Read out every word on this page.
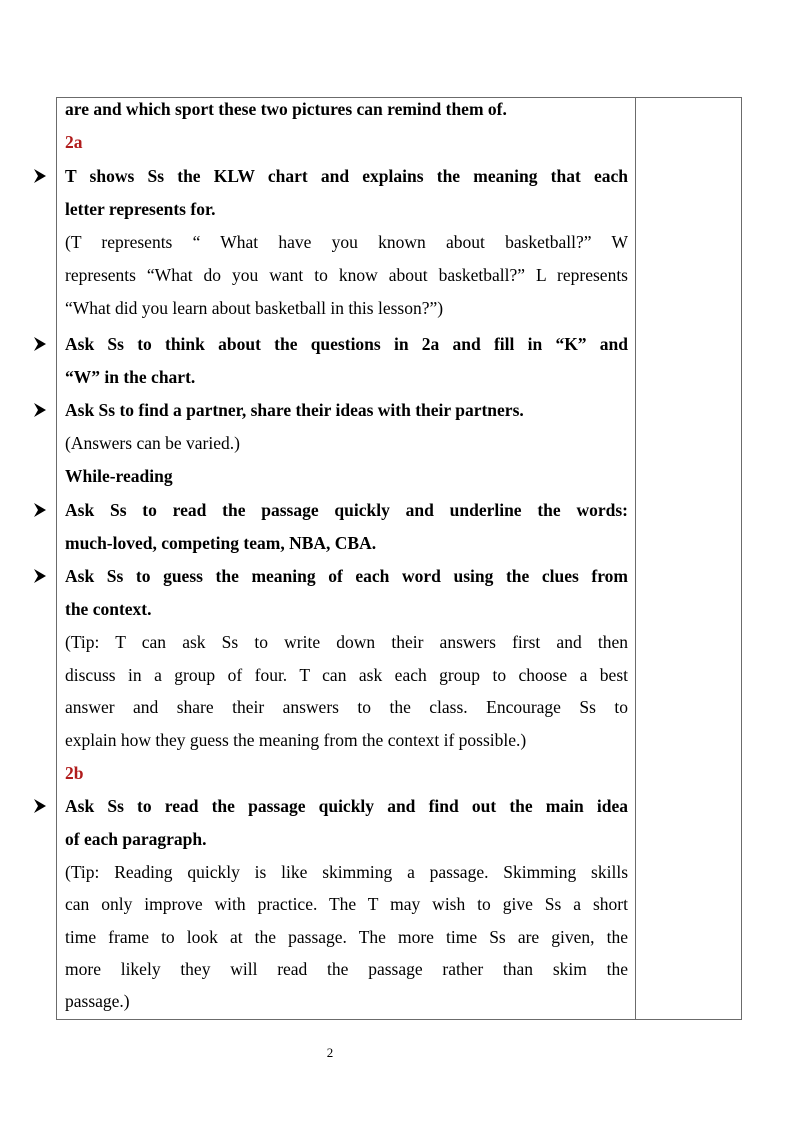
are and which sport these two pictures can remind them of.
2a
T shows Ss the KLW chart and explains the meaning that each
letter represents for.
(T represents “ What have you known about basketball?” W
represents “What do you want to know about basketball?” L represents
“What did you learn about basketball in this lesson?”)
Ask Ss to think about the questions in 2a and fill in “K” and
“W” in the chart.
Ask Ss to find a partner, share their ideas with their partners.
(Answers can be varied.)
While-reading
Ask Ss to read the passage quickly and underline the words:
much-loved, competing team, NBA, CBA.
Ask Ss to guess the meaning of each word using the clues from
the context.
(Tip: T can ask Ss to write down their answers first and then
discuss in a group of four. T can ask each group to choose a best
answer and share their answers to the class. Encourage Ss to
explain how they guess the meaning from the context if possible.)
2b
Ask Ss to read the passage quickly and find out the main idea
of each paragraph.
(Tip: Reading quickly is like skimming a passage. Skimming skills
can only improve with practice. The T may wish to give Ss a short
time frame to look at the passage. The more time Ss are given, the
more likely they will read the passage rather than skim the
passage.)
2
